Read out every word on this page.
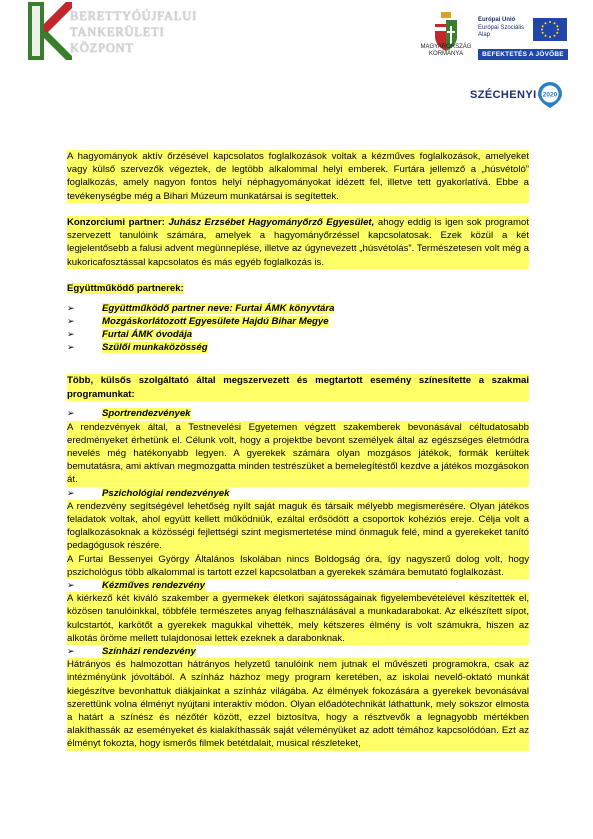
BERETTYÓÚJFALUI
TANKERÜLETI
KÖZPONT	MAGYARORSZÁG
KORMÁNYA
Európai Unió
Európai Szociális
Alap
BEFEKTETÉS A JÖVŐBE
SZÉCHENYI 2020

A hagyományok aktív őrzésével kapcsolatos foglalkozások voltak a kézműves foglalkozások, amelyeket vagy külső szervezők végeztek, de legtöbb alkalommal helyi emberek. Furtára jellemző a „húsvétoló” foglalkozás, amely nagyon fontos helyi néphagyományokat idézett fel, illetve tett gyakorlatívá. Ebbe a tevékenységbe még a Bihari Múzeum munkatársai is segítettek.

Konzorciumi partner: Juhász Erzsébet Hagyományőrző Egyesület, ahogy eddig is igen sok programot szervezett tanulóink számára, amelyek a hagyományőrzéssel kapcsolatosak. Ezek közül a két legjelentősebb a falusi advent megünneplése, illetve az úgynevezett „húsvétolás”. Természetesen volt még a kukoricafosztással kapcsolatos és más egyéb foglalkozás is.

Együttműködő partnerek:

➢	Együttműködő partner neve: Furtai ÁMK könyvtára

➢	Mozgáskorlátozott Egyesülete Hajdú Bihar Megye

➢	Furtai ÁMK óvodája

➢	Szülői munkaközösség

Több, külsős szolgáltató által megszervezett és megtartott esemény színesítette a szakmai programunkat:

➢	Sportrendezvények

A rendezvények által, a Testnevelési Egyetemen végzett szakemberek bevonásával céltudatosabb eredményeket érhetünk el. Célunk volt, hogy a projektbe bevont személyek által az egészséges életmódra nevelés még hatékonyabb legyen. A gyerekek számára olyan mozgásos játékok, formák kerültek bemutatásra, ami aktívan megmozgatta minden testrészüket a bemelegítéstől kezdve a játékos mozgásokon át.

➢	Pszichológiai rendezvények

A rendezvény segítségével lehetőség nyílt saját maguk és társaik mélyebb megismerésére. Olyan játékos feladatok voltak, ahol együtt kellett működniük, ezáltal erősödött a csoportok kohéziós ereje. Célja volt a foglalkozásoknak a közösségi fejlettségi szint megismertetése mind önmaguk felé, mind a gyerekeket tanító pedagógusok részére.

A Furtai Bessenyei György Általános Iskolában nincs Boldogság óra, így nagyszerű dolog volt, hogy pszichológus több alkalommal is tartott ezzel kapcsolatban a gyerekek számára bemutató foglalkozást.

➢	Kézműves rendezvény

A kiérkező két kiváló szakember a gyermekek életkori sajátosságainak figyelembevételével készítették el, közösen tanulóinkkal, többféle természetes anyag felhasználásával a munkadarabokat. Az elkészített sípot, kulcstartót, karkötőt a gyerekek magukkal vihették, mely kétszeres élmény is volt számukra, hiszen az alkotás öröme mellett tulajdonosai lettek ezeknek a darabonknak.

➢	Színházi rendezvény

Hátrányos és halmozottan hátrányos helyzetű tanulóink nem jutnak el művészeti programokra, csak az intézményünk jóvoltából. A színház házhoz megy program keretében, az iskolai nevelő-oktató munkát kiegészítve bevonhattuk diákjainkat a színház világába. Az élmények fokozására a gyerekek bevonásával szerettünk volna élményt nyújtani interaktív módon. Olyan előadótechnikát láthattunk, mely sokszor elmosta a határt a színész és nézőtér között, ezzel biztosítva, hogy a résztvevők a legnagyobb mértékben alakíthassák az eseményeket és kialakíthassák saját véleményüket az adott témához kapcsolódóan. Ezt az élményt fokozta, hogy ismerős filmek betétdalait, musical részleteket,
